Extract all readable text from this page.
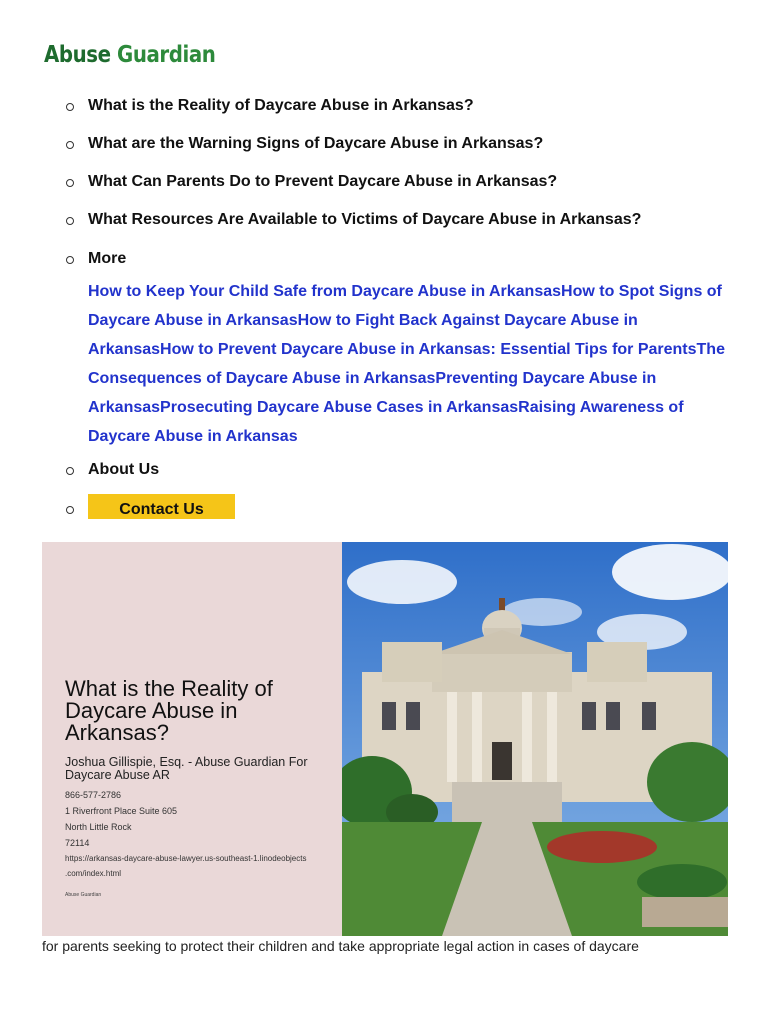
Abuse Guardian
What is the Reality of Daycare Abuse in Arkansas?
What are the Warning Signs of Daycare Abuse in Arkansas?
What Can Parents Do to Prevent Daycare Abuse in Arkansas?
What Resources Are Available to Victims of Daycare Abuse in Arkansas?
More
How to Keep Your Child Safe from Daycare Abuse in ArkansasHow to Spot Signs of Daycare Abuse in ArkansasHow to Fight Back Against Daycare Abuse in ArkansasHow to Prevent Daycare Abuse in Arkansas: Essential Tips for ParentsThe Consequences of Daycare Abuse in ArkansasPreventing Daycare Abuse in ArkansasProsecuting Daycare Abuse Cases in ArkansasRaising Awareness of Daycare Abuse in Arkansas
About Us
Contact Us
What is the Reality of Daycare Abuse in Arkansas?
Joshua Gillispie, Esq. - Abuse Guardian For Daycare Abuse AR
866-577-2786
1 Riverfront Place Suite 605
North Little Rock
72114
https://arkansas-daycare-abuse-lawyer.us-southeast-1.linodeobjects
.com/index.html
Abuse Guardian
for parents seeking to protect their children and take appropriate legal action in cases of daycare
